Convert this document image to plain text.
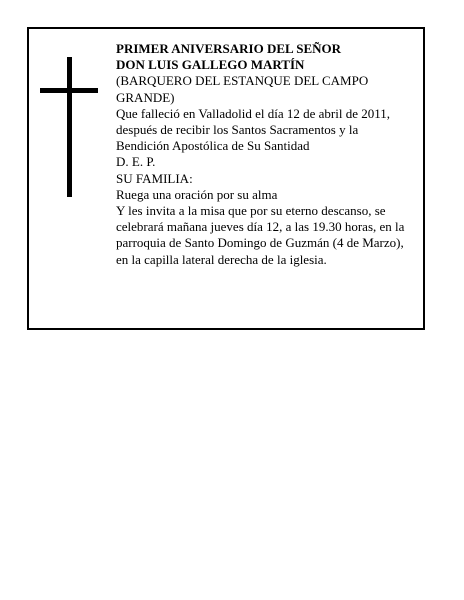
PRIMER ANIVERSARIO DEL SEÑOR
DON LUIS GALLEGO MARTÍN
(BARQUERO DEL ESTANQUE DEL CAMPO
GRANDE)
Que falleció en Valladolid el día 12 de abril de 2011,
después de recibir los Santos Sacramentos y la
Bendición Apostólica de Su Santidad
D. E. P.
SU FAMILIA:
Ruega una oración por su alma
Y les invita a la misa que por su eterno descanso, se
celebrará mañana jueves día 12, a las 19.30 horas, en la
parroquia de Santo Domingo de Guzmán (4 de Marzo),
en la capilla lateral derecha de la iglesia.
